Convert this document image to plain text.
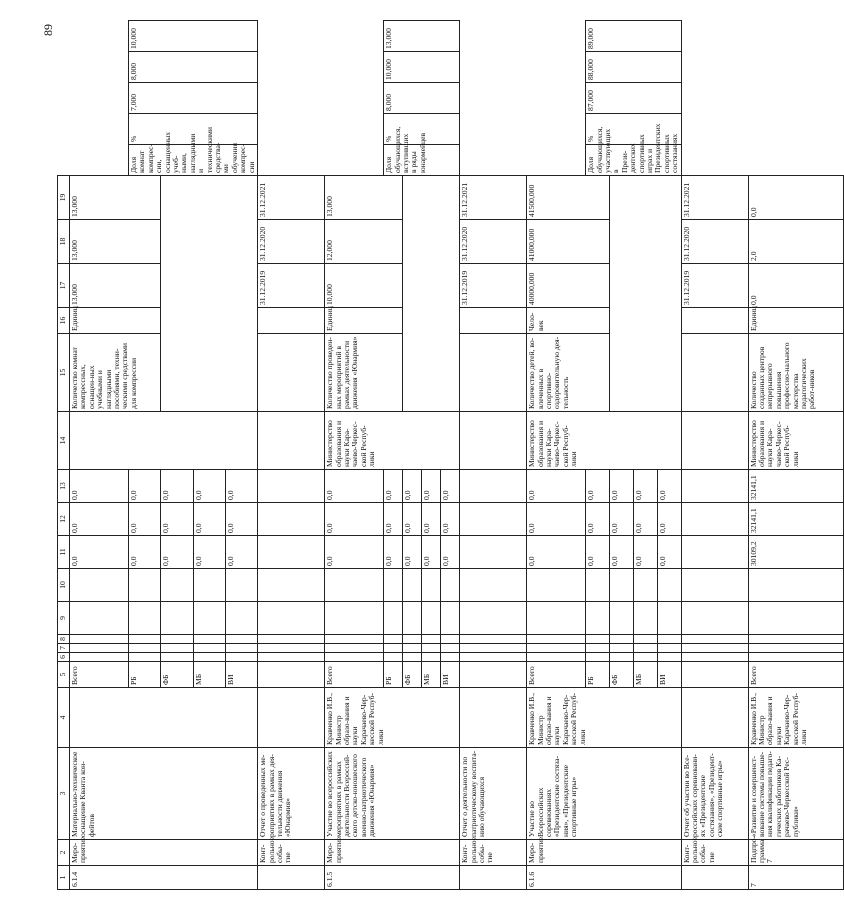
89
1	2	3	4	5	6	7	8	9	10	11	12	13	14	15	16	17	18	19					
6.1.4	Меро-приятие	Материально-техническое оснащение Кванта кон-фейтов		Всего						0,0	0,0	0,0		Количество комнат компрессных, оснащен-ных учебными и наглядными пособиями, техни-ческими средствами для компрессии	Единиц	13,000	13,000	13,000					
				РБ						0,0	0,0	0,0							Доля комнат компрес-сии, оснащенных учеб-ными, наглядными и техническими средства-ми обучения компрес-сии	%	7,000	8,000	10,000
				ФБ						0,0	0,0	0,0											
				МБ						0,0	0,0	0,0											
				ВИ						0,0	0,0	0,0											
	Конт-рольное собы-тие	Отчет о проведенных ме-роприятиях в рамках дея-тельности движения «Юнармия»														31.12.2019	31.12.2020	31.12.2021					
6.1.5	Меро-приятие	Участие во всероссийских мероприятиях в рамках деятельности Всероссий-ского детско-юношеского военно-патриотического движения «Юнармия»	Кравченко И.В., Министр образо-вания и науки Карачаево-Чер-кесской Респуб-лики	Всего						0,0	0,0	0,0	Министерство образования и науки Кара-чаево-Черкес-ской Респуб-лики	Количество проведен-ных мероприятий в рамках деятельности движения «Юнармия»	Единиц	10,000	12,000	13,000					
				РБ						0,0	0,0	0,0							Доля обучающихся, вступивших в ряды юнармейцев	%	8,000	10,000	13,000
				ФБ						0,0	0,0	0,0											
				МБ						0,0	0,0	0,0											
				ВИ						0,0	0,0	0,0											
	Конт-рольное собы-тие	Отчет о деятельности по патриотическому воспита-нию обучающихся														31.12.2019	31.12.2020	31.12.2021					
6.1.6	Меро-приятие	Участие во Всероссийских соревнованиях «Президентские состяза-ния», «Президентские спортивные игры»	Кравченко И.В., Министр образо-вания и науки Карачаево-Чер-кесской Респуб-лики	Всего						0,0	0,0	0,0	Министерство образования и науки Кара-чаево-Черкес-ской Респуб-лики	Количество детей, во-влеченных в спортивно-оздоровительную дея-тельность	Чело-век	40000,000	41000,000	41500,000					
				РБ						0,0	0,0	0,0							Доля обучающихся, участвующих в Прези-дентских спортивных играх и Президентских спортивных состязаниях	%	87,000	88,000	89,000
				ФБ						0,0	0,0	0,0											
				МБ						0,0	0,0	0,0											
				ВИ						0,0	0,0	0,0											
	Конт-рольное собы-тие	Отчет об участии во Все-российских соревновани-ях «Президентские состязания», «Президент-ские спортивные игры»														31.12.2019	31.12.2020	31.12.2021					
7	Подпро-грамма 7	«Развитие и совершенст-вование системы повыше-ния квалификации педаго-гических работников Ка-рачаево-Черкесской Рес-публики»	Кравченко И.В., Министр образо-вания и науки Карачаево-Чер-кесской Респуб-лики	Всего						30109,2	32141,1	32141,1	Министерство образования и науки Кара-чаево-Черкес-ской Респуб-лики	Количество созданных центров непрерывного повышения профессио-нального мастерства педагогических работ-ников	Единиц	0,0	2,0	0,0					
